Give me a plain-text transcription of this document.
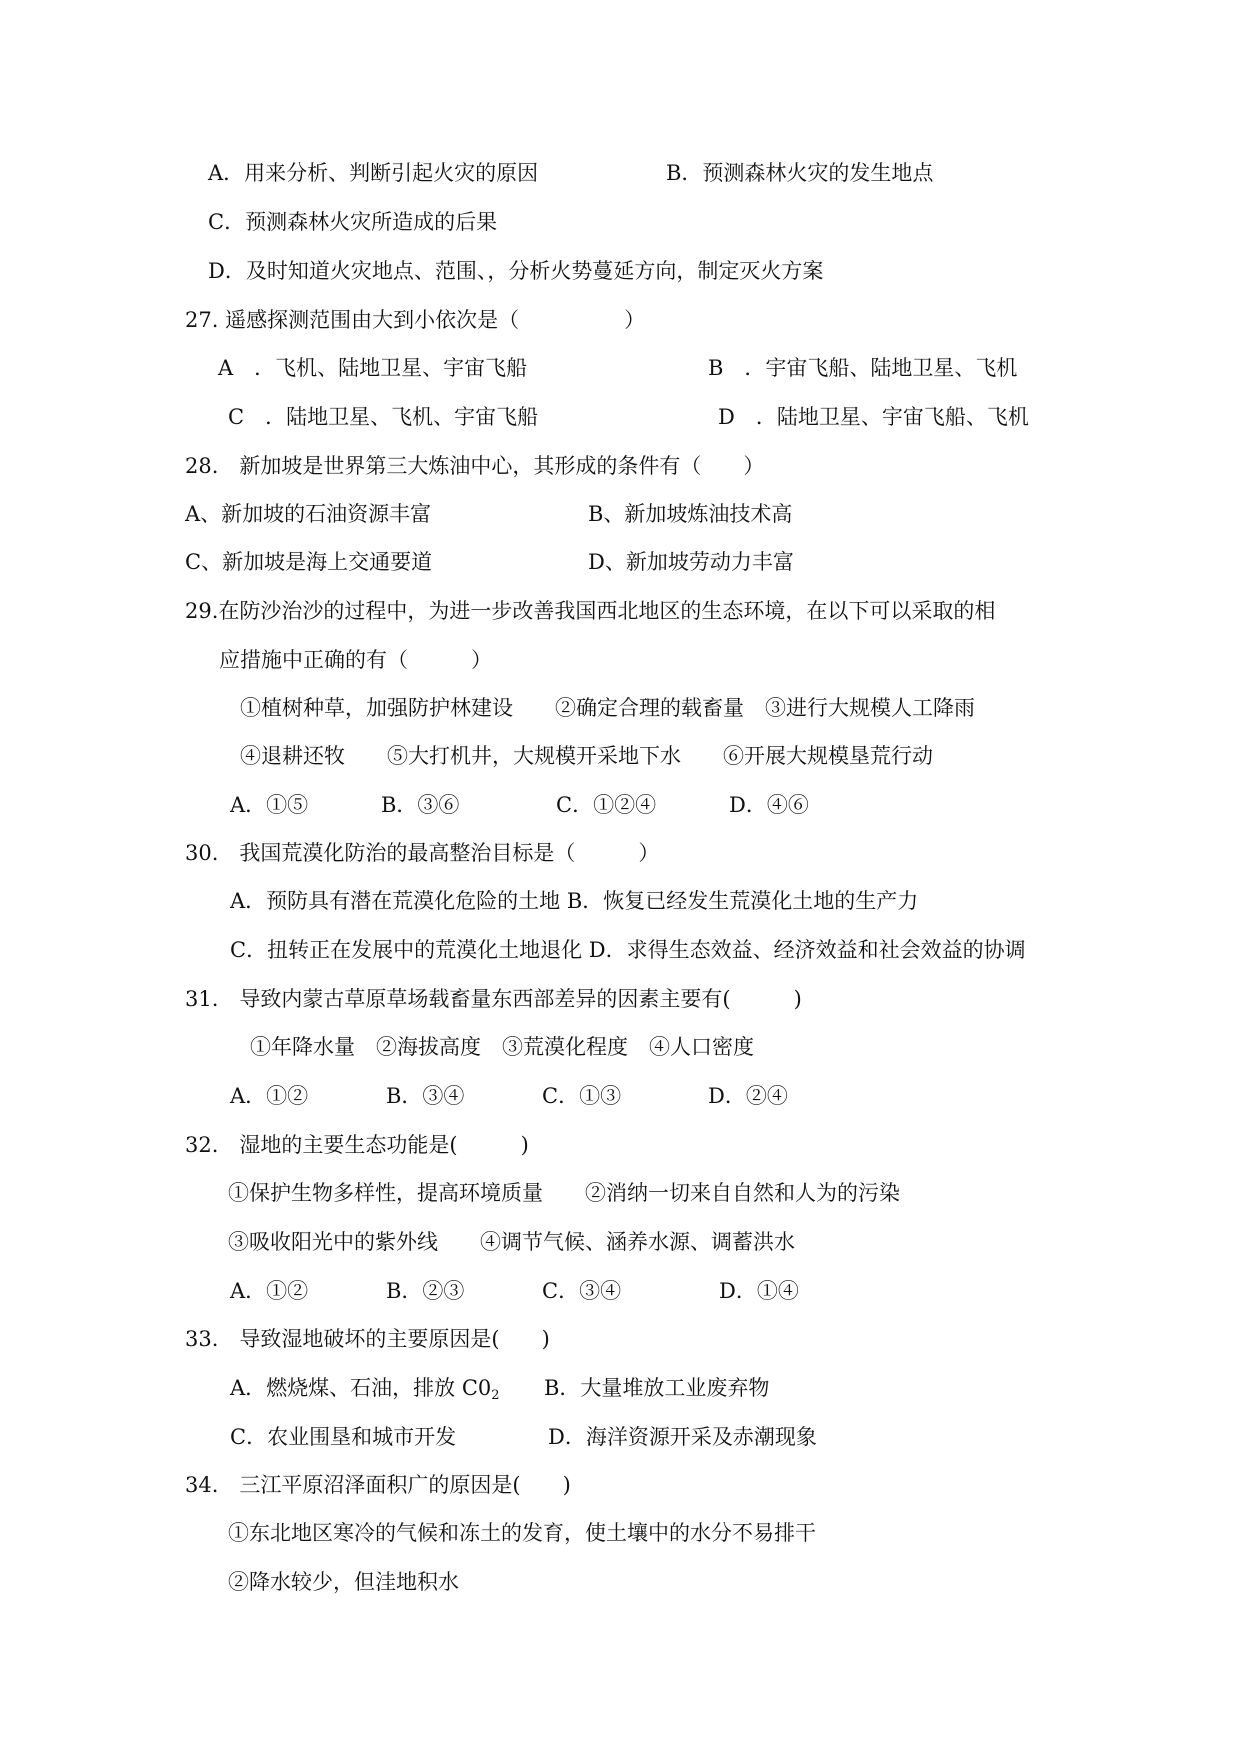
A．用来分析、判断引起火灾的原因	B．预测森林火灾的发生地点
C．预测森林火灾所造成的后果
D．及时知道火灾地点、范围、，分析火势蔓延方向，制定灭火方案
27. 遥感探测范围由大到小依次是（　　　　　）
A　．飞机、陆地卫星、宇宙飞船	B　．宇宙飞船、陆地卫星、飞机
C　．陆地卫星、飞机、宇宙飞船	D　．陆地卫星、宇宙飞船、飞机
28.　新加坡是世界第三大炼油中心，其形成的条件有（　　）
A、新加坡的石油资源丰富	B、新加坡炼油技术高
C、新加坡是海上交通要道	D、新加坡劳动力丰富
29.在防沙治沙的过程中，为进一步改善我国西北地区的生态环境，在以下可以采取的相
应措施中正确的有（　　　）
①植树种草，加强防护林建设　　②确定合理的载畜量　③进行大规模人工降雨
④退耕还牧　　⑤大打机井，大规模开采地下水　　⑥开展大规模垦荒行动
A．①⑤	B．③⑥	C．①②④	D．④⑥
30.　我国荒漠化防治的最高整治目标是（　　　）
A．预防具有潜在荒漠化危险的土地 B．恢复已经发生荒漠化土地的生产力
C．扭转正在发展中的荒漠化土地退化 D．求得生态效益、经济效益和社会效益的协调
31.　导致内蒙古草原草场载畜量东西部差异的因素主要有(　　　)
①年降水量　②海拔高度　③荒漠化程度　④人口密度
A．①②	B．③④	C．①③	D．②④
32.　湿地的主要生态功能是(　　　)
①保护生物多样性，提高环境质量　　②消纳一切来自自然和人为的污染
③吸收阳光中的紫外线　　④调节气候、涵养水源、调蓄洪水
A．①②	B．②③	C．③④	D．①④
33.　导致湿地破坏的主要原因是(　　)
A．燃烧煤、石油，排放 $C0_2$ B．大量堆放工业废弃物
C．农业围垦和城市开发	D．海洋资源开采及赤潮现象
34.　三江平原沼泽面积广的原因是(　　)
①东北地区寒冷的气候和冻土的发育，使土壤中的水分不易排干
②降水较少，但洼地积水
